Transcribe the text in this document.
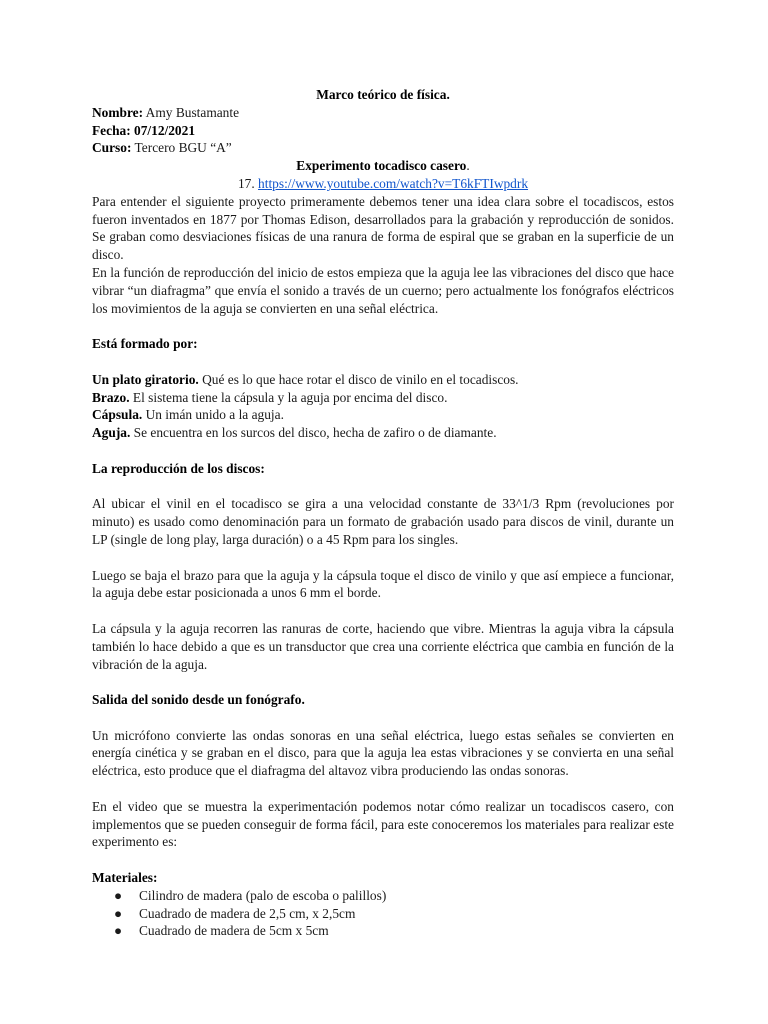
Marco teórico de física.

Nombre: Amy Bustamante

Fecha: 07/12/2021

Curso: Tercero BGU “A”

Experimento tocadisco casero.

17. https://www.youtube.com/watch?v=T6kFTIwpdrk

Para entender el siguiente proyecto primeramente debemos tener una idea clara sobre el tocadiscos, estos fueron inventados en 1877 por Thomas Edison, desarrollados para la grabación y reproducción de sonidos. Se graban como desviaciones físicas de una ranura de forma de espiral que se graban en la superficie de un disco.

En la función de reproducción del inicio de estos empieza que la aguja lee las vibraciones del disco que hace vibrar “un diafragma” que envía el sonido a través de un cuerno; pero actualmente los fonógrafos eléctricos los movimientos de la aguja se convierten en una señal eléctrica.

Está formado por:

Un plato giratorio. Qué es lo que hace rotar el disco de vinilo en el tocadiscos.

Brazo. El sistema tiene la cápsula y la aguja por encima del disco.

Cápsula. Un imán unido a la aguja.

Aguja. Se encuentra en los surcos del disco, hecha de zafiro o de diamante.

La reproducción de los discos:

Al ubicar el vinil en el tocadisco se gira a una velocidad constante de 33^1/3 Rpm (revoluciones por minuto) es usado como denominación para un formato de grabación usado para discos de vinil, durante un LP (single de long play, larga duración) o a 45 Rpm para los singles.

Luego se baja el brazo para que la aguja y la cápsula toque el disco de vinilo y que así empiece a funcionar, la aguja debe estar posicionada a unos 6 mm el borde.

La cápsula y la aguja recorren las ranuras de corte, haciendo que vibre. Mientras la aguja vibra la cápsula también lo hace debido a que es un transductor que crea una corriente eléctrica que cambia en función de la vibración de la aguja.

Salida del sonido desde un fonógrafo.

Un micrófono convierte las ondas sonoras en una señal eléctrica, luego estas señales se convierten en energía cinética y se graban en el disco, para que la aguja lea estas vibraciones y se convierta en una señal eléctrica, esto produce que el diafragma del altavoz vibra produciendo las ondas sonoras.

En el video que se muestra la experimentación podemos notar cómo realizar un tocadiscos casero, con implementos que se pueden conseguir de forma fácil, para este conoceremos los materiales para realizar este experimento es:

Materiales:

● Cilindro de madera (palo de escoba o palillos)
● Cuadrado de madera de 2,5 cm, x 2,5cm
● Cuadrado de madera de 5cm x 5cm
